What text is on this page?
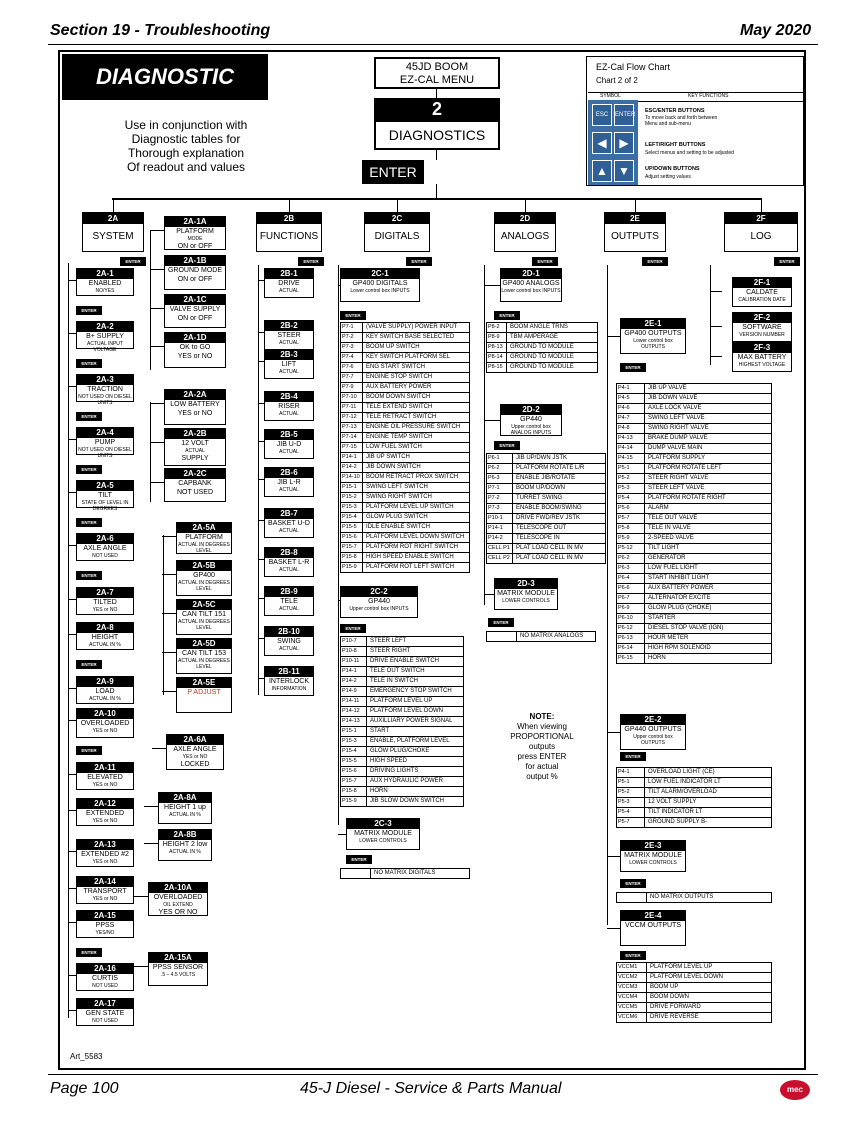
Section 19 - Troubleshooting	May 2020
DIAGNOSTIC
Use in conjunction with
Diagnostic tables for
Thorough explanation
Of readout and values
45JD BOOM
EZ-CAL MENU
2
DIAGNOSTICS
ENTER
EZ-Cal Flow Chart
Chart 2 of 2
SYMBOL	KEY FUNCTIONS
ESC	ENTER
◀	▶
▲ ▼
ESC/ENTER BUTTONS
To move back and forth between Menu and sub-menu
LEFT/RIGHT BUTTONS
Select menus and setting to be adjusted
UP/DOWN BUTTONS
Adjust setting values
2A
SYSTEM
ENTER
2B
FUNCTIONS
ENTER
2C
DIGITALS
ENTER
2D
ANALOGS
ENTER
2E
OUTPUTS
ENTER
2F
LOG
ENTER
2A-1
ENABLED
NO/YES
ENTER
2A-2
B+ SUPPLY
ACTUAL INPUT VOLTAGE
ENTER
2A-3
TRACTION
NOT USED ON DIESEL UNITS
ENTER
2A-4
PUMP
NOT USED ON DIESEL UNITS
ENTER
2A-5
TILT
STATE OF LEVEL IN DEGREES
ENTER
2A-6
AXLE ANGLE
NOT USED
ENTER
2A-7
TILTED
YES or NO
2A-8
HEIGHT
ACTUAL IN %
ENTER
2A-9
LOAD
ACTUAL IN %
2A-10
OVERLOADED
YES or NO
ENTER
2A-11
ELEVATED
YES or NO
2A-12
EXTENDED
YES or NO
2A-13
EXTENDED #2
YES or NO
2A-14
TRANSPORT
YES or NO
2A-15
PPSS
YES/NO
ENTER
2A-16
CURTIS
NOT USED
2A-17
GEN STATE
NOT USED
2A-1A
PLATFORM
MODE
ON or OFF
2A-1B
GROUND MODE
ON or OFF
2A-1C
VALVE SUPPLY
ON or OFF
2A-1D
OK to GO
YES or NO
2A-2A
LOW BATTERY
YES or NO
2A-2B
12 VOLT
ACTUAL
SUPPLY
2A-2C
CAPBANK
NOT USED
2A-5A
PLATFORM
ACTUAL IN DEGREES LEVEL
2A-5B
GP400
ACTUAL IN DEGREES LEVEL
2A-5C
CAN TILT 151
ACTUAL IN DEGREES LEVEL
2A-5D
CAN TILT 153
ACTUAL IN DEGREES LEVEL
2A-5E
P ADJUST
2A-6A
AXLE ANGLE
YES or NO
LOCKED
2A-8A
HEIGHT 1 up
ACTUAL IN %
2A-8B
HEIGHT 2 low
ACTUAL IN %
2A-10A
OVERLOADED
OIL EXTEND
YES OR NO
2A-15A
PPSS SENSOR
.5 – 4.5 VOLTS
2B-1
DRIVE
ACTUAL
2B-2
STEER
ACTUAL
2B-3
LIFT
ACTUAL
2B-4
RISER
ACTUAL
2B-5
JIB U-D
ACTUAL
2B-6
JIB L-R
ACTUAL
2B-7
BASKET U-D
ACTUAL
2B-8
BASKET L-R
ACTUAL
2B-9
TELE
ACTUAL
2B-10
SWING
ACTUAL
2B-11
INTERLOCK
INFORMATION
2C-1
GP400 DIGITALS
Lower control box INPUTS
ENTER
P7-1	(VALVE SUPPLY) POWER INPUT
P7-2	KEY SWITCH BASE SELECTED
P7-3	BOOM UP SWITCH
P7-4	KEY SWITCH PLATFORM SEL
P7-6	ENG START SWITCH
P7-7	ENGINE STOP SWITCH
P7-9	AUX BATTERY POWER
P7-10	BOOM DOWN SWITCH
P7-11	TELE EXTEND SWITCH
P7-12	TELE RETRACT SWITCH
P7-13	ENGINE OIL PRESSURE SWITCH
P7-14	ENGINE TEMP SWITCH
P7-15	LOW FUEL SWITCH
P14-1	JIB UP SWITCH
P14-2	JIB DOWN SWITCH
P14-10	BOOM RETRACT PROX SWITCH
P15-1	SWING LEFT SWITCH
P15-2	SWING RIGHT SWITCH
P15-3	PLATFORM LEVEL UP SWITCH
P15-4	GLOW PLUG SWITCH
P15-5	IDLE ENABLE SWITCH
P15-6	PLATFORM LEVEL DOWN SWITCH
P15-7	PLATFORM ROT RIGHT SWITCH
P15-8	HIGH SPEED ENABLE SWITCH
P15-9	PLATFORM ROT LEFT SWITCH
2C-2
GP440
Upper control box INPUTS
ENTER
P10-7	STEER LEFT
P10-8	STEER RIGHT
P10-11	DRIVE ENABLE SWITCH
P14-1	TELE OUT SWITCH
P14-2	TELE IN SWITCH
P14-9	EMERGENCY STOP SWITCH
P14-11	PLATFORM LEVEL UP
P14-12	PLATFORM LEVEL DOWN
P14-13	AUXILLIARY POWER SIGNAL
P15-1	START
P15-3	ENABLE, PLATFORM LEVEL
P15-4	GLOW PLUG/CHOKE
P15-5	HIGH SPEED
P15-6	DRIVING LIGHTS
P15-7	AUX HYDRAULIC POWER
P15-8	HORN
P15-9	JIB SLOW DOWN SWITCH
2C-3
MATRIX MODULE
LOWER CONTROLS
ENTER
NO MATRIX DIGITALS
2D-1
GP400 ANALOGS
Lower control box INPUTS
ENTER
P8-2	BOOM ANGLE TRNS
P8-9	TBM AMPERAGE
P8-13	GROUND TO MODULE
P8-14	GROUND TO MODULE
P8-15	GROUND TO MODULE
2D-2
GP440
Upper control box ANALOG INPUTS
ENTER
P6-1	JIB UP/DWN JSTK
P6-2	PLATFORM ROTATE L/R
P6-3	ENABLE JIB/ROTATE
P7-1	BOOM UP/DOWN
P7-2	TURRET SWING
P7-3	ENABLE BOOM/SWING
P10-1	DRIVE FWD/REV JSTK
P14-1	TELESCOPE OUT
P14-2	TELESCOPE IN
CELL P1	PLAT LOAD CELL IN MV
CELL P2	PLAT LOAD CELL IN MV
2D-3
MATRIX MODULE
LOWER CONTROLS
ENTER
NO MATRIX ANALOGS
2E-1
GP400 OUTPUTS
Lower control box OUTPUTS
ENTER
P4-1	JIB UP VALVE
P4-5	JIB DOWN VALVE
P4-6	AXLE LOCK VALVE
P4-7	SWING LEFT VALVE
P4-8	SWING RIGHT VALVE
P4-13	BRAKE DUMP VALVE
P4-14	DUMP VALVE MAIN
P4-15	PLATFORM SUPPLY
P5-1	PLATFORM ROTATE LEFT
P5-2	STEER RIGHT VALVE
P5-3	STEER LEFT VALVE
P5-4	PLATFORM ROTATE RIGHT
P5-6	ALARM
P5-7	TELE OUT VALVE
P5-8	TELE IN VALVE
P5-9	2-SPEED VALVE
P5-12	TILT LIGHT
P6-2	GENERATOR
P6-3	LOW FUEL LIGHT
P6-4	START INHIBIT LIGHT
P6-6	AUX BATTERY POWER
P6-7	ALTERNATOR EXCITE
P6-9	GLOW PLUG (CHOKE)
P6-10	STARTER
P6-12	DIESEL STOP VALVE (IGN)
P6-13	HOUR METER
P6-14	HIGH RPM SOLENOID
P6-15	HORN
2E-2
GP440 OUTPUTS
Upper control box OUTPUTS
ENTER
P4-1	OVERLOAD LIGHT (CE)
P5-1	LOW FUEL INDICATOR LT
P5-2	TILT ALARM/OVERLOAD
P5-3	12 VOLT SUPPLY
P5-4	TILT INDICATOR LT
P5-7	GROUND SUPPLY B-
2E-3
MATRIX MODULE
LOWER CONTROLS
ENTER
NO MATRIX OUTPUTS
2E-4
VCCM OUTPUTS
ENTER
VCCM1	PLATFORM LEVEL UP
VCCM2	PLATFORM LEVEL DOWN
VCCM3	BOOM UP
VCCM4	BOOM DOWN
VCCM5	DRIVE FORWARD
VCCM6	DRIVE REVERSE
2F-1
CALDATE
CALIBRATION DATE
2F-2
SOFTWARE
VERSION NUMBER
2F-3
MAX BATTERY
HIGHEST VOLTAGE
NOTE:
When viewing
PROPORTIONAL
outputs
press ENTER
for actual
output %
Art_5583
Page 100	45-J Diesel - Service & Parts Manual	mec
